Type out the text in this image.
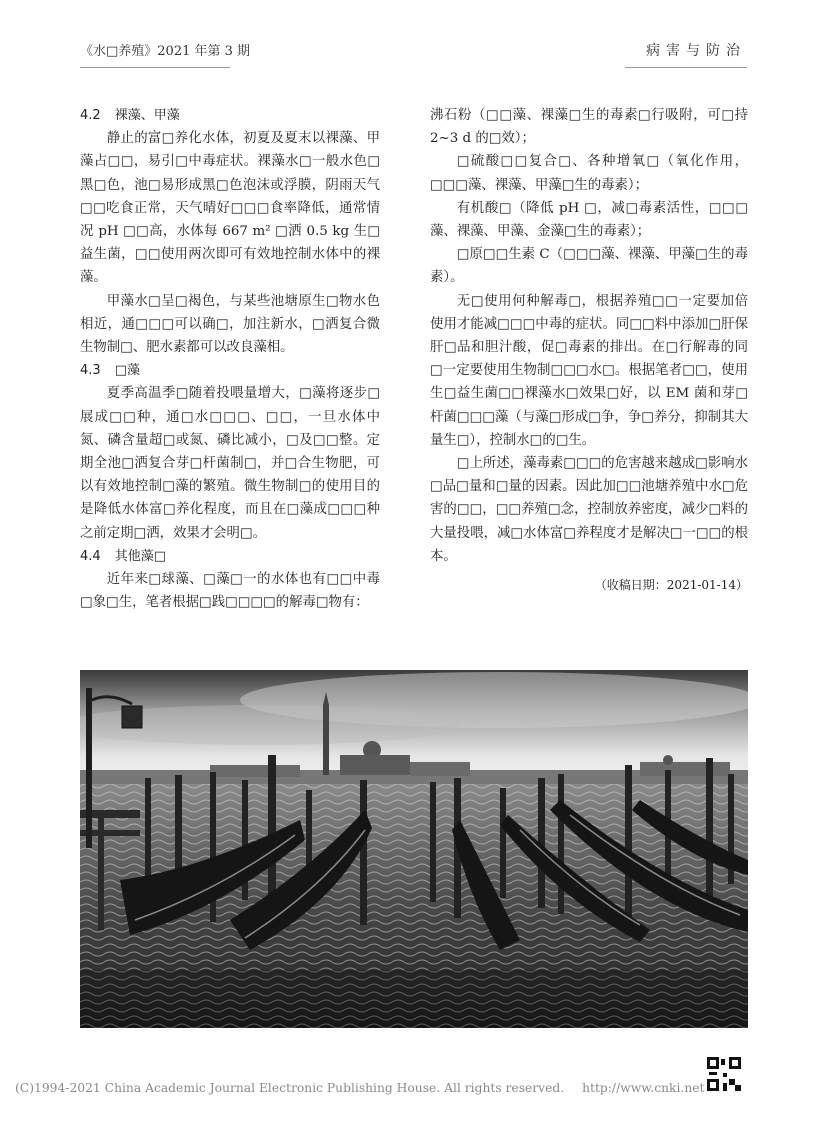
《水□养殖》2021 年第 3 期	病害与防治
4.2 裸藻、甲藻

静止的富□养化水体，初夏及夏末以裸藻、甲藻占□□，易引□中毒症状。裸藻水□一般水色□黑□色，池□易形成黑□色泡沫或浮膜，阴雨天气□□吃食正常，天气晴好□□□食率降低，通常情况 pH □□高，水体每 667 m² □洒 0.5 kg 生□益生菌，□□使用两次即可有效地控制水体中的裸藻。

甲藻水□呈□褐色，与某些池塘原生□物水色相近，通□□□可以确□，加注新水，□洒复合微生物制□、肥水素都可以改良藻相。

4.3 □藻

夏季高温季□随着投喂量增大，□藻将逐步□展成□□种，通□水□□□、□□，一旦水体中氮、磷含量超□或氮、磷比减小，□及□□整。定期全池□洒复合芽□杆菌制□，并□合生物肥，可以有效地控制□藻的繁殖。微生物制□的使用目的是降低水体富□养化程度，而且在□藻成□□□种之前定期□洒，效果才会明□。

4.4 其他藻□

近年来□球藻、□藻□一的水体也有□□中毒□象□生，笔者根据□践□□□□的解毒□物有：

沸石粉（□□藻、裸藻□生的毒素□行吸附，可□持 2~3 d 的□效）；

□硫酸□□复合□、各种增氧□（氧化作用，□□□藻、裸藻、甲藻□生的毒素）；

有机酸□（降低 pH □，减□毒素活性，□□□藻、裸藻、甲藻、金藻□生的毒素）；

□原□□生素 C（□□□藻、裸藻、甲藻□生的毒素）。

无□使用何种解毒□，根据养殖□□一定要加倍使用才能减□□□中毒的症状。同□□料中添加□肝保肝□品和胆汁酸，促□毒素的排出。在□行解毒的同□一定要使用生物制□□□水□。根据笔者□□，使用生□益生菌□□裸藻水□效果□好，以 EM 菌和芽□杆菌□□□藻（与藻□形成□争，争□养分，抑制其大量生□），控制水□的□生。

□上所述，藻毒素□□□的危害越来越成□影响水□品□量和□量的因素。因此加□□池塘养殖中水□危害的□□，□□养殖□念，控制放养密度，减少□料的大量投喂，减□水体富□养程度才是解决□一□□的根本。

（收稿日期：2021-01-14）
(C)1994-2021 China Academic Journal Electronic Publishing House. All rights reserved. http://www.cnki.net
